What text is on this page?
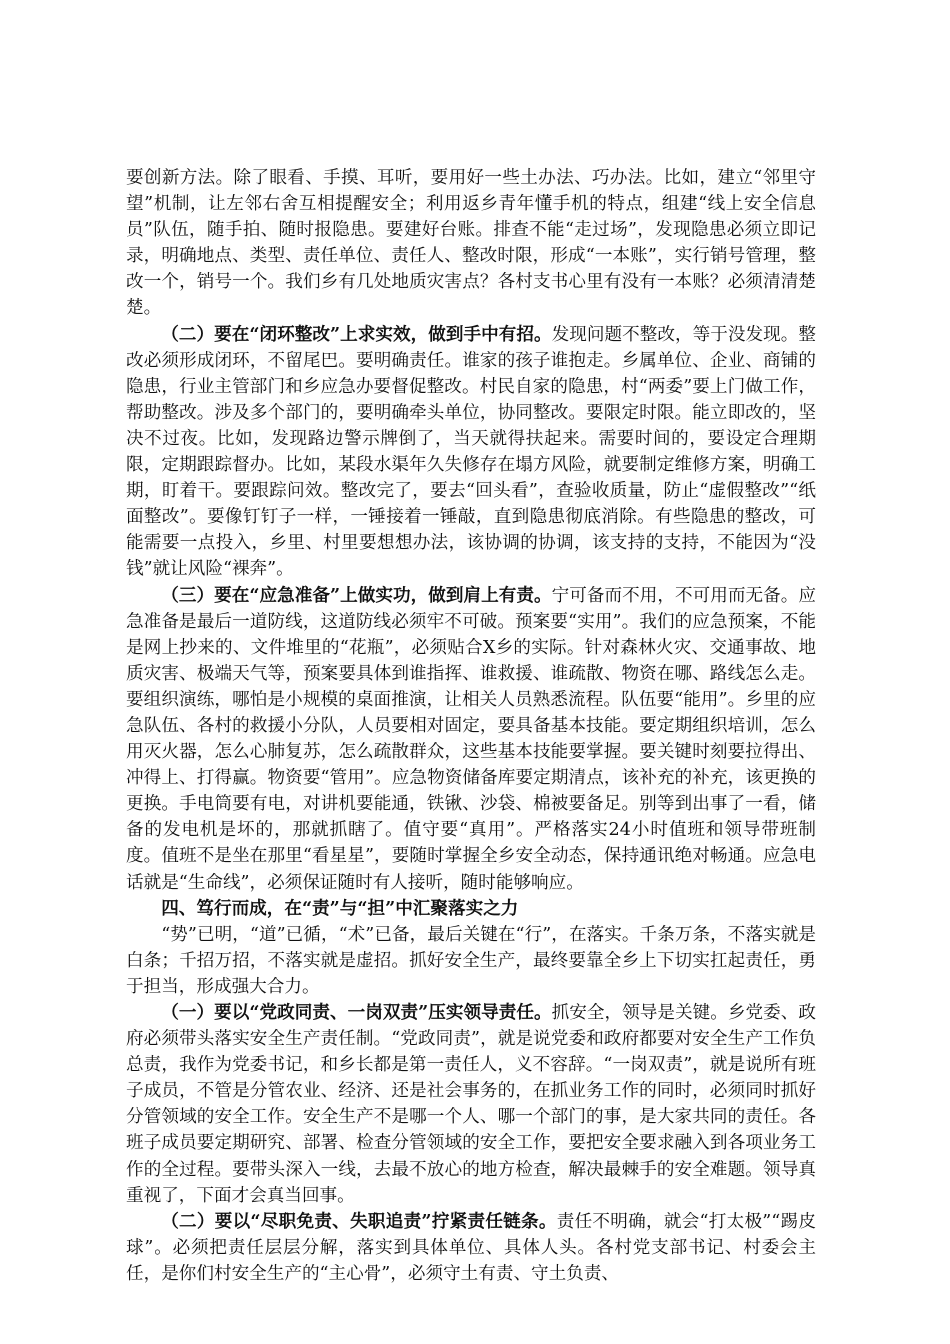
要创新方法。除了眼看、手摸、耳听，要用好一些土办法、巧办法。比如，建立“邻里守望”机制，让左邻右舍互相提醒安全；利用返乡青年懂手机的特点，组建“线上安全信息员”队伍，随手拍、随时报隐患。要建好台账。排查不能“走过场”，发现隐患必须立即记录，明确地点、类型、责任单位、责任人、整改时限，形成“一本账”，实行销号管理，整改一个，销号一个。我们乡有几处地质灾害点？各村支书心里有没有一本账？必须清清楚楚。

（二）要在“闭环整改”上求实效，做到手中有招。发现问题不整改，等于没发现。整改必须形成闭环，不留尾巴。要明确责任。谁家的孩子谁抱走。乡属单位、企业、商铺的隐患，行业主管部门和乡应急办要督促整改。村民自家的隐患，村“两委”要上门做工作，帮助整改。涉及多个部门的，要明确牵头单位，协同整改。要限定时限。能立即改的，坚决不过夜。比如，发现路边警示牌倒了，当天就得扶起来。需要时间的，要设定合理期限，定期跟踪督办。比如，某段水渠年久失修存在塌方风险，就要制定维修方案，明确工期，盯着干。要跟踪问效。整改完了，要去“回头看”，查验收质量，防止“虚假整改”“纸面整改”。要像钉钉子一样，一锤接着一锤敲，直到隐患彻底消除。有些隐患的整改，可能需要一点投入，乡里、村里要想想办法，该协调的协调，该支持的支持，不能因为“没钱”就让风险“裸奔”。

（三）要在“应急准备”上做实功，做到肩上有责。宁可备而不用，不可用而无备。应急准备是最后一道防线，这道防线必须牢不可破。预案要“实用”。我们的应急预案，不能是网上抄来的、文件堆里的“花瓶”，必须贴合X乡的实际。针对森林火灾、交通事故、地质灾害、极端天气等，预案要具体到谁指挥、谁救援、谁疏散、物资在哪、路线怎么走。要组织演练，哪怕是小规模的桌面推演，让相关人员熟悉流程。队伍要“能用”。乡里的应急队伍、各村的救援小分队，人员要相对固定，要具备基本技能。要定期组织培训，怎么用灭火器，怎么心肺复苏，怎么疏散群众，这些基本技能要掌握。要关键时刻要拉得出、冲得上、打得赢。物资要“管用”。应急物资储备库要定期清点，该补充的补充，该更换的更换。手电筒要有电，对讲机要能通，铁锹、沙袋、棉被要备足。别等到出事了一看，储备的发电机是坏的，那就抓瞎了。值守要“真用”。严格落实24小时值班和领导带班制度。值班不是坐在那里“看星星”，要随时掌握全乡安全动态，保持通讯绝对畅通。应急电话就是“生命线”，必须保证随时有人接听，随时能够响应。

四、笃行而成，在“责”与“担”中汇聚落实之力

“势”已明，“道”已循，“术”已备，最后关键在“行”，在落实。千条万条，不落实就是白条；千招万招，不落实就是虚招。抓好安全生产，最终要靠全乡上下切实扛起责任，勇于担当，形成强大合力。

（一）要以“党政同责、一岗双责”压实领导责任。抓安全，领导是关键。乡党委、政府必须带头落实安全生产责任制。“党政同责”，就是说党委和政府都要对安全生产工作负总责，我作为党委书记，和乡长都是第一责任人，义不容辞。“一岗双责”，就是说所有班子成员，不管是分管农业、经济、还是社会事务的，在抓业务工作的同时，必须同时抓好分管领域的安全工作。安全生产不是哪一个人、哪一个部门的事，是大家共同的责任。各班子成员要定期研究、部署、检查分管领域的安全工作，要把安全要求融入到各项业务工作的全过程。要带头深入一线，去最不放心的地方检查，解决最棘手的安全难题。领导真重视了，下面才会真当回事。

（二）要以“尽职免责、失职追责”拧紧责任链条。责任不明确，就会“打太极”“踢皮球”。必须把责任层层分解，落实到具体单位、具体人头。各村党支部书记、村委会主任，是你们村安全生产的“主心骨”，必须守土有责、守土负责、
